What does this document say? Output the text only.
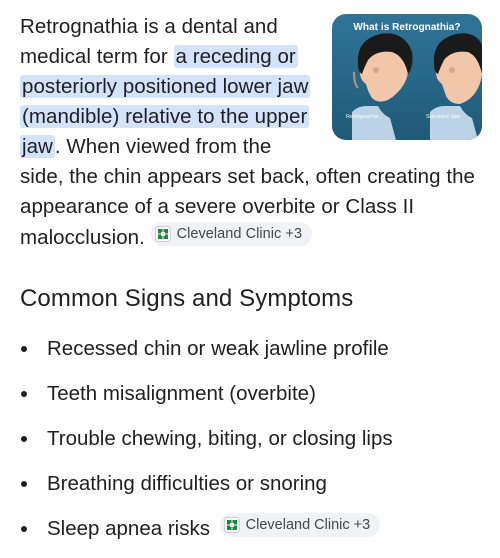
What is Retrognathia?
Retrognathia	Standard Jaw
Retrognathia is a dental and medical term for a receding or posteriorly positioned lower jaw (mandible) relative to the upper jaw. When viewed from the side, the chin appears set back, often creating the appearance of a severe overbite or Class II malocclusion. Cleveland Clinic +3
Common Signs and Symptoms
Recessed chin or weak jawline profile
Teeth misalignment (overbite)
Trouble chewing, biting, or closing lips
Breathing difficulties or snoring
Sleep apnea risks Cleveland Clinic +3
